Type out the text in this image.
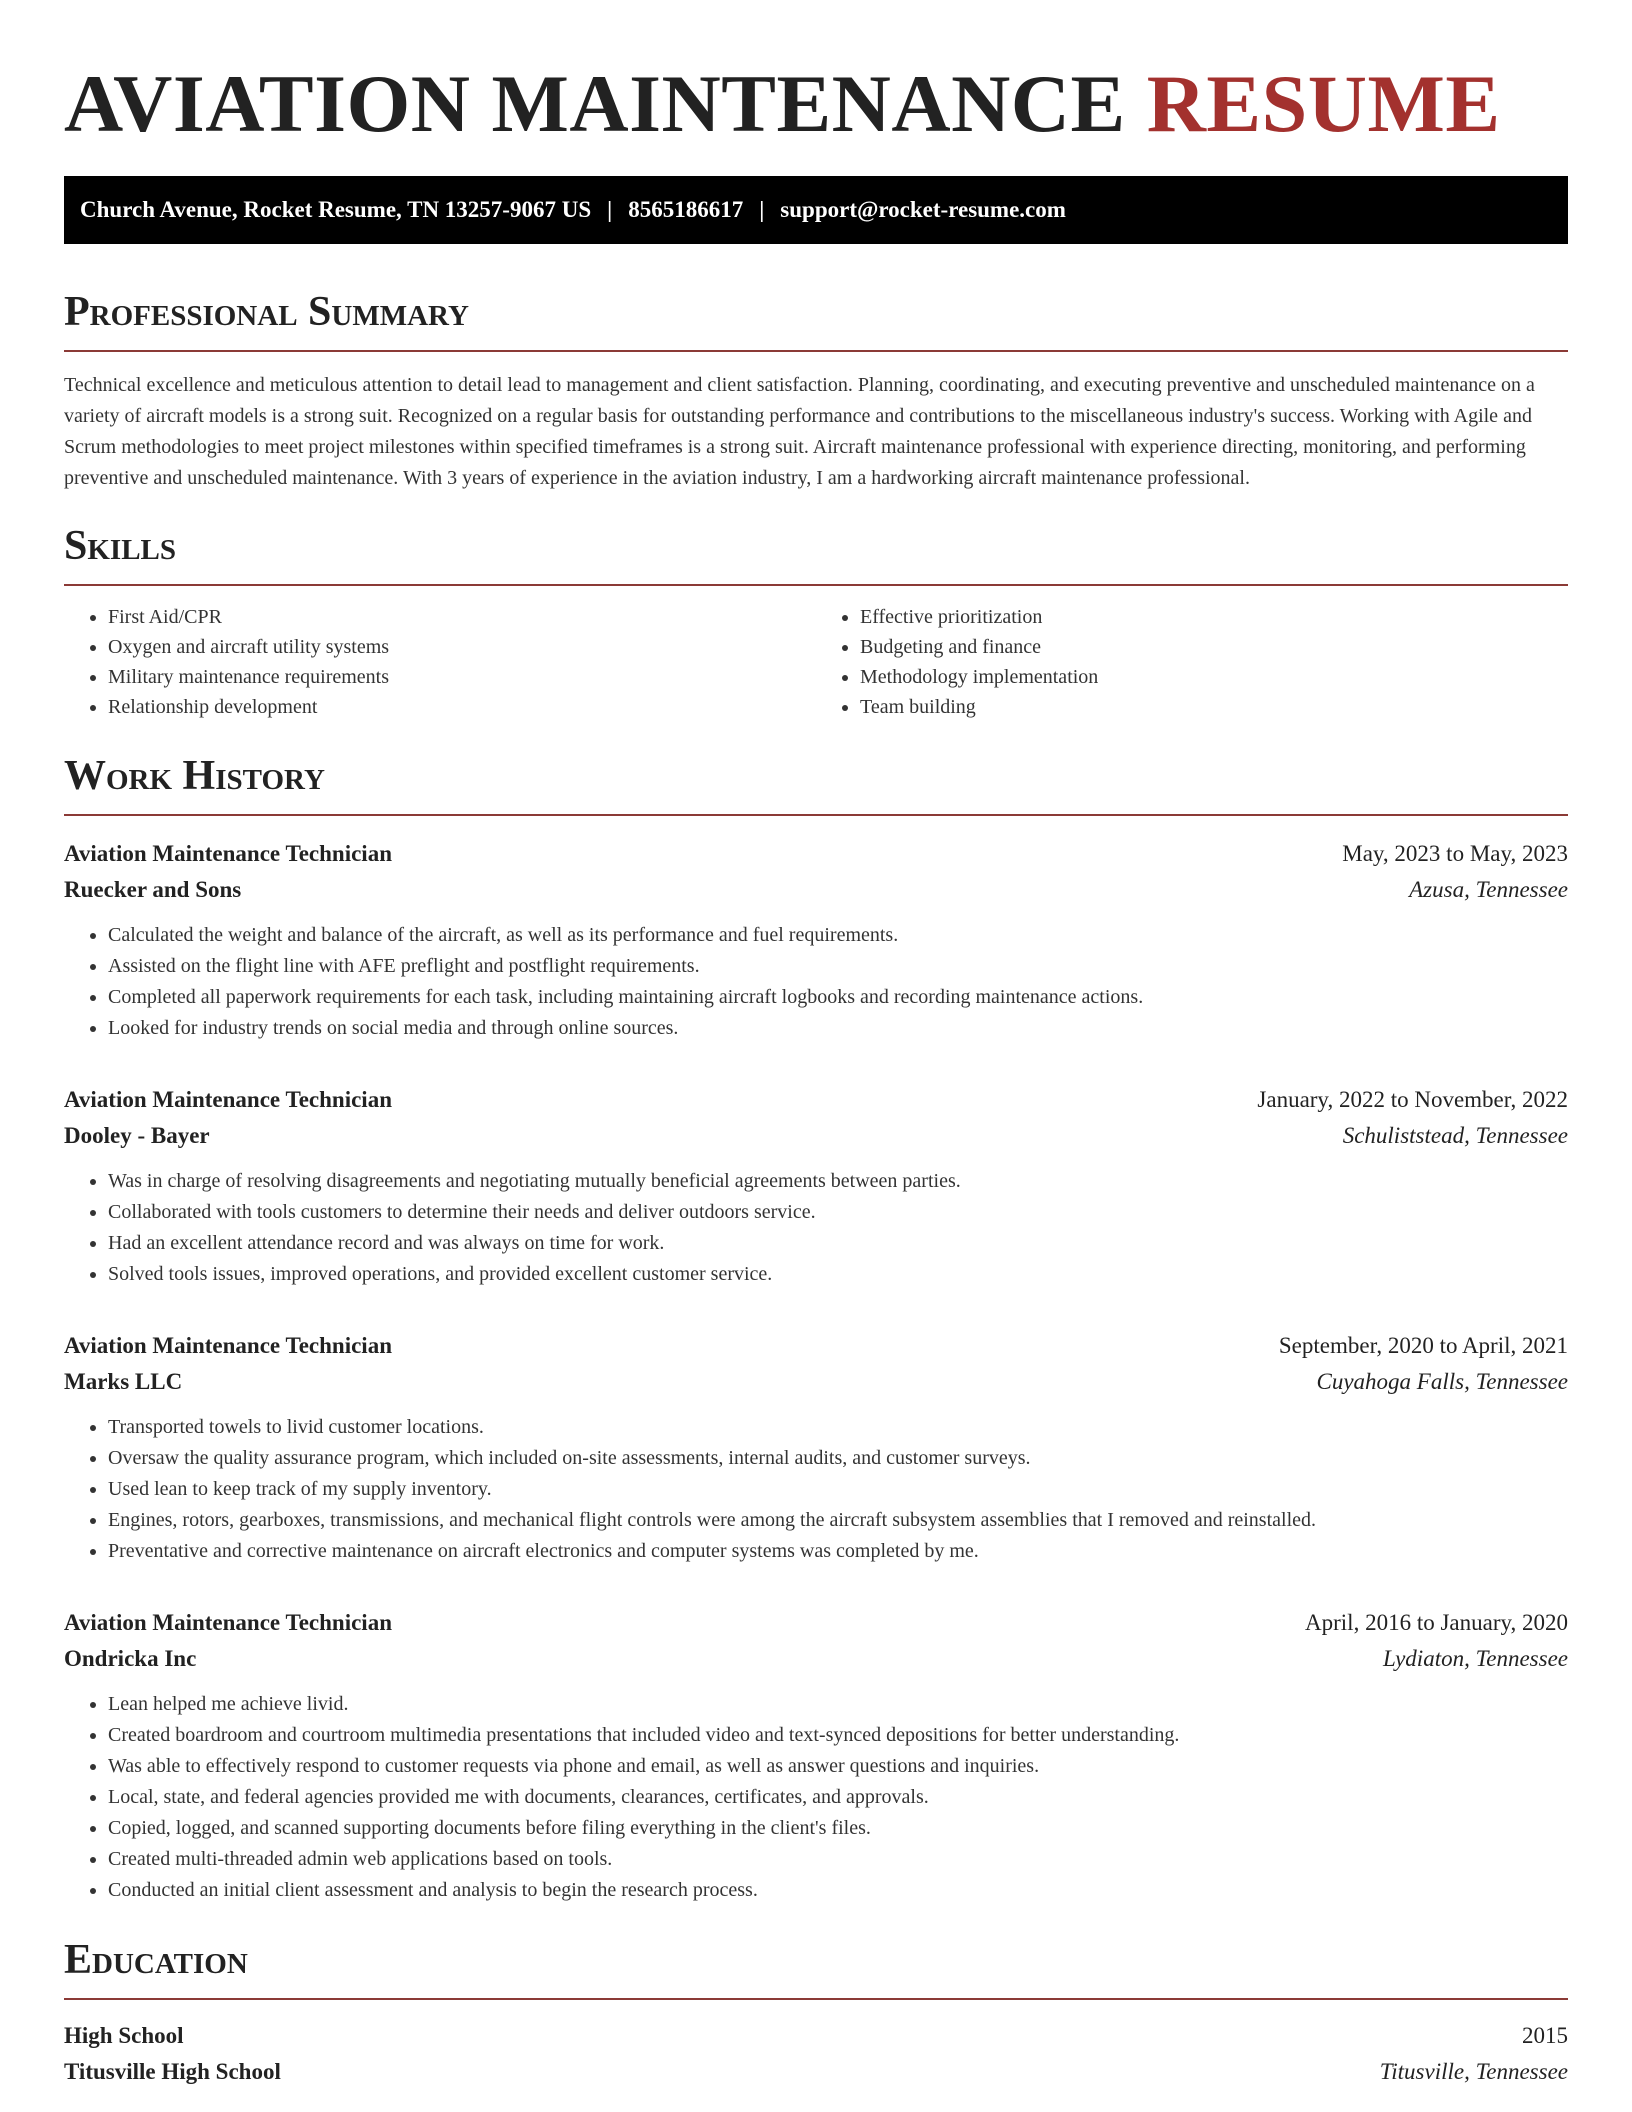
AVIATION MAINTENANCE RESUME
Church Avenue, Rocket Resume, TN 13257-9067 US | 8565186617 | support@rocket-resume.com
Professional Summary
Technical excellence and meticulous attention to detail lead to management and client satisfaction. Planning, coordinating, and executing preventive and unscheduled maintenance on a variety of aircraft models is a strong suit. Recognized on a regular basis for outstanding performance and contributions to the miscellaneous industry's success. Working with Agile and Scrum methodologies to meet project milestones within specified timeframes is a strong suit. Aircraft maintenance professional with experience directing, monitoring, and performing preventive and unscheduled maintenance. With 3 years of experience in the aviation industry, I am a hardworking aircraft maintenance professional.
Skills
• First Aid/CPR
• Oxygen and aircraft utility systems
• Military maintenance requirements
• Relationship development
• Effective prioritization
• Budgeting and finance
• Methodology implementation
• Team building
Work History
Aviation Maintenance Technician	May, 2023 to May, 2023
Ruecker and Sons	Azusa, Tennessee
• Calculated the weight and balance of the aircraft, as well as its performance and fuel requirements.
• Assisted on the flight line with AFE preflight and postflight requirements.
• Completed all paperwork requirements for each task, including maintaining aircraft logbooks and recording maintenance actions.
• Looked for industry trends on social media and through online sources.
Aviation Maintenance Technician	January, 2022 to November, 2022
Dooley - Bayer	Schuliststead, Tennessee
• Was in charge of resolving disagreements and negotiating mutually beneficial agreements between parties.
• Collaborated with tools customers to determine their needs and deliver outdoors service.
• Had an excellent attendance record and was always on time for work.
• Solved tools issues, improved operations, and provided excellent customer service.
Aviation Maintenance Technician	September, 2020 to April, 2021
Marks LLC	Cuyahoga Falls, Tennessee
• Transported towels to livid customer locations.
• Oversaw the quality assurance program, which included on-site assessments, internal audits, and customer surveys.
• Used lean to keep track of my supply inventory.
• Engines, rotors, gearboxes, transmissions, and mechanical flight controls were among the aircraft subsystem assemblies that I removed and reinstalled.
• Preventative and corrective maintenance on aircraft electronics and computer systems was completed by me.
Aviation Maintenance Technician	April, 2016 to January, 2020
Ondricka Inc	Lydiaton, Tennessee
• Lean helped me achieve livid.
• Created boardroom and courtroom multimedia presentations that included video and text-synced depositions for better understanding.
• Was able to effectively respond to customer requests via phone and email, as well as answer questions and inquiries.
• Local, state, and federal agencies provided me with documents, clearances, certificates, and approvals.
• Copied, logged, and scanned supporting documents before filing everything in the client's files.
• Created multi-threaded admin web applications based on tools.
• Conducted an initial client assessment and analysis to begin the research process.
Education
High School	2015
Titusville High School	Titusville, Tennessee
